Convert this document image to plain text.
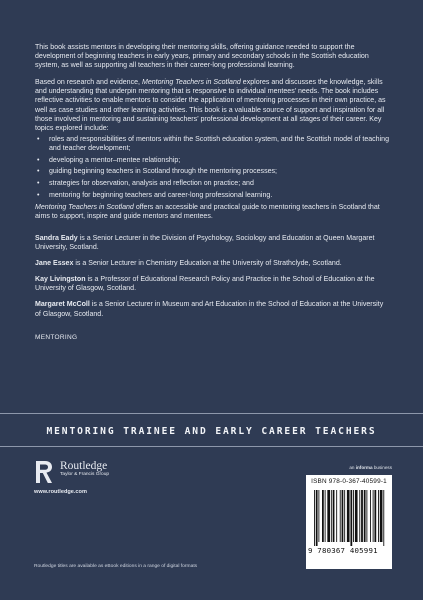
This book assists mentors in developing their mentoring skills, offering guidance needed to support the development of beginning teachers in early years, primary and secondary schools in the Scottish education system, as well as supporting all teachers in their career-long professional learning.

Based on research and evidence, Mentoring Teachers in Scotland explores and discusses the knowledge, skills and understanding that underpin mentoring that is responsive to individual mentees’ needs. The book includes reflective activities to enable mentors to consider the application of mentoring processes in their own practice, as well as case studies and other learning activities. This book is a valuable source of support and inspiration for all those involved in mentoring and sustaining teachers’ professional development at all stages of their career. Key topics explored include:

• roles and responsibilities of mentors within the Scottish education system, and the Scottish model of teaching and teacher development;
• developing a mentor–mentee relationship;
• guiding beginning teachers in Scotland through the mentoring processes;
• strategies for observation, analysis and reflection on practice; and
• mentoring for beginning teachers and career-long professional learning.

Mentoring Teachers in Scotland offers an accessible and practical guide to mentoring teachers in Scotland that aims to support, inspire and guide mentors and mentees.

Sandra Eady is a Senior Lecturer in the Division of Psychology, Sociology and Education at Queen Margaret University, Scotland.

Jane Essex is a Senior Lecturer in Chemistry Education at the University of Strathclyde, Scotland.

Kay Livingston is a Professor of Educational Research Policy and Practice in the School of Education at the University of Glasgow, Scotland.

Margaret McColl is a Senior Lecturer in Museum and Art Education in the School of Education at the University of Glasgow, Scotland.

MENTORING
MENTORING TRAINEE AND EARLY CAREER TEACHERS
Routledge
Taylor & Francis Group
www.routledge.com
Routledge titles are available as eBook editions in a range of digital formats
an informa business
ISBN 978-0-367-40599-1
9 780367 405991
